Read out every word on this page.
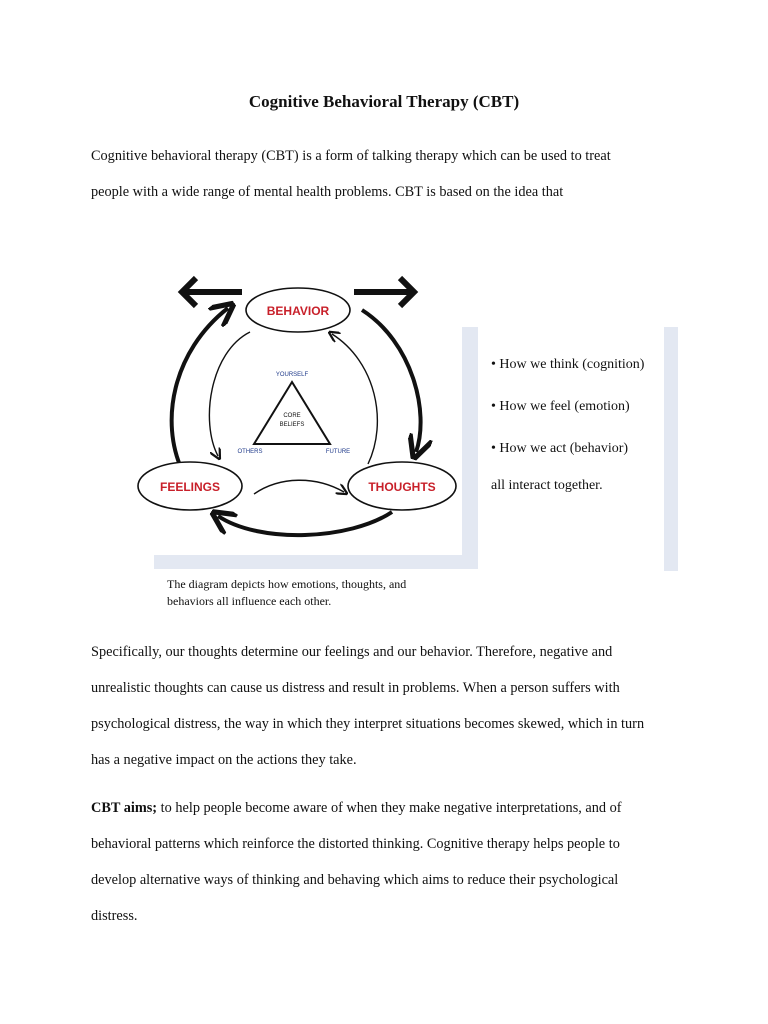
Cognitive Behavioral Therapy (CBT)

Cognitive behavioral therapy (CBT) is a form of talking therapy which can be used to treat
people with a wide range of mental health problems. CBT is based on the idea that

BEHAVIOR
FEELINGS	THOUGHTS
YOURSELF
CORE
BELIEFS
OTHERS	FUTURE

The diagram depicts how emotions, thoughts, and
behaviors all influence each other.

• How we think (cognition)
• How we feel (emotion)
• How we act (behavior)
all interact together.

Specifically, our thoughts determine our feelings and our behavior. Therefore, negative and
unrealistic thoughts can cause us distress and result in problems. When a person suffers with
psychological distress, the way in which they interpret situations becomes skewed, which in turn
has a negative impact on the actions they take.

CBT aims; to help people become aware of when they make negative interpretations, and of
behavioral patterns which reinforce the distorted thinking. Cognitive therapy helps people to
develop alternative ways of thinking and behaving which aims to reduce their psychological
distress.
